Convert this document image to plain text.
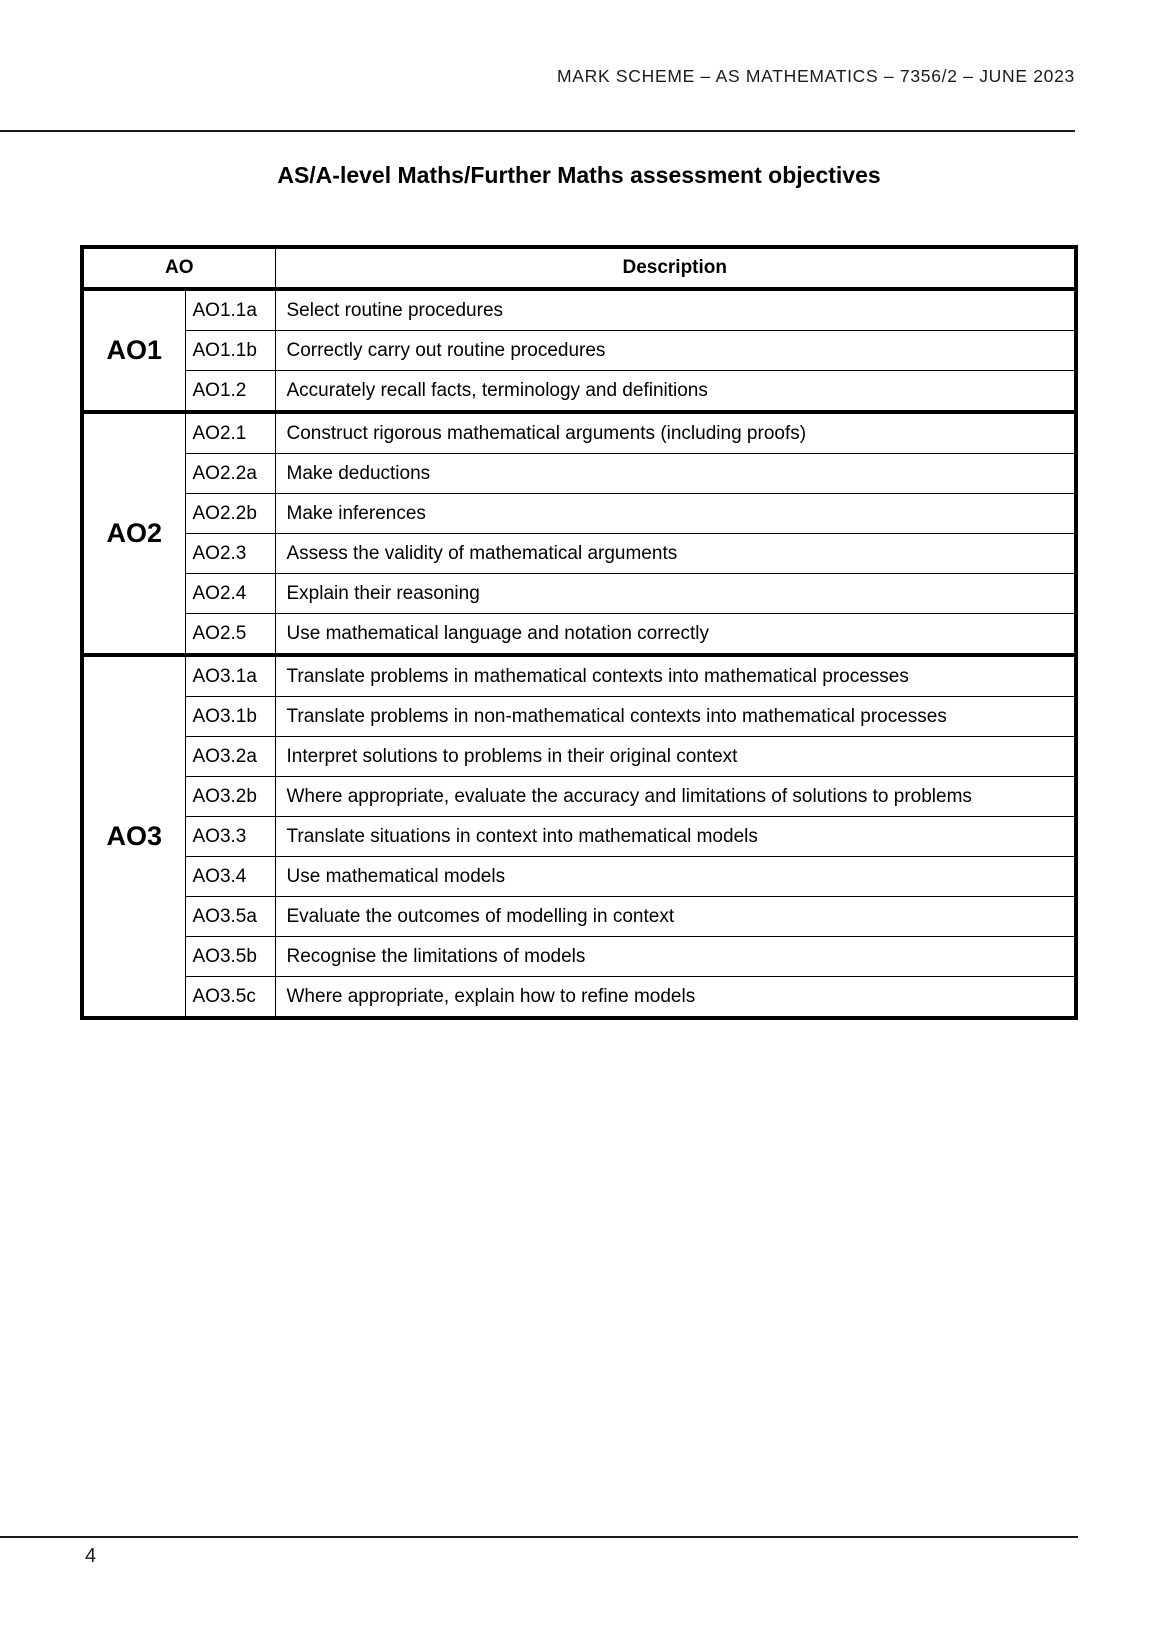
MARK SCHEME – AS MATHEMATICS – 7356/2 – JUNE 2023
AS/A-level Maths/Further Maths assessment objectives
AO		Description
AO1	AO1.1a	Select routine procedures
	AO1.1b	Correctly carry out routine procedures
	AO1.2	Accurately recall facts, terminology and definitions
AO2	AO2.1	Construct rigorous mathematical arguments (including proofs)
	AO2.2a	Make deductions
	AO2.2b	Make inferences
	AO2.3	Assess the validity of mathematical arguments
	AO2.4	Explain their reasoning
	AO2.5	Use mathematical language and notation correctly
AO3	AO3.1a	Translate problems in mathematical contexts into mathematical processes
	AO3.1b	Translate problems in non-mathematical contexts into mathematical processes
	AO3.2a	Interpret solutions to problems in their original context
	AO3.2b	Where appropriate, evaluate the accuracy and limitations of solutions to problems
	AO3.3	Translate situations in context into mathematical models
	AO3.4	Use mathematical models
	AO3.5a	Evaluate the outcomes of modelling in context
	AO3.5b	Recognise the limitations of models
	AO3.5c	Where appropriate, explain how to refine models
4
